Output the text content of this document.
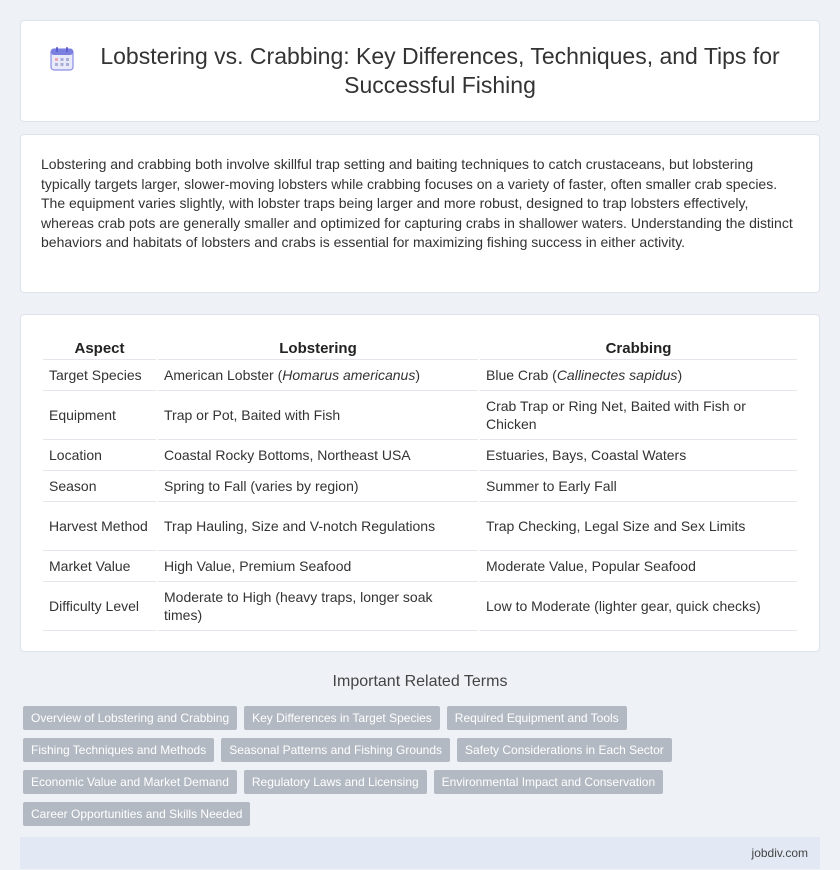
Lobstering vs. Crabbing: Key Differences, Techniques, and Tips for Successful Fishing

Lobstering and crabbing both involve skillful trap setting and baiting techniques to catch crustaceans, but lobstering typically targets larger, slower-moving lobsters while crabbing focuses on a variety of faster, often smaller crab species. The equipment varies slightly, with lobster traps being larger and more robust, designed to trap lobsters effectively, whereas crab pots are generally smaller and optimized for capturing crabs in shallower waters. Understanding the distinct behaviors and habitats of lobsters and crabs is essential for maximizing fishing success in either activity.

Aspect	Lobstering	Crabbing
Target Species	American Lobster (Homarus americanus)	Blue Crab (Callinectes sapidus)
Equipment	Trap or Pot, Baited with Fish	Crab Trap or Ring Net, Baited with Fish or Chicken
Location	Coastal Rocky Bottoms, Northeast USA	Estuaries, Bays, Coastal Waters
Season	Spring to Fall (varies by region)	Summer to Early Fall
Harvest Method	Trap Hauling, Size and V-notch Regulations	Trap Checking, Legal Size and Sex Limits
Market Value	High Value, Premium Seafood	Moderate Value, Popular Seafood
Difficulty Level	Moderate to High (heavy traps, longer soak times)	Low to Moderate (lighter gear, quick checks)
Important Related Terms
Overview of Lobstering and Crabbing	Key Differences in Target Species	Required Equipment and Tools
Fishing Techniques and Methods	Seasonal Patterns and Fishing Grounds	Safety Considerations in Each Sector
Economic Value and Market Demand	Regulatory Laws and Licensing	Environmental Impact and Conservation
Career Opportunities and Skills Needed
jobdiv.com
